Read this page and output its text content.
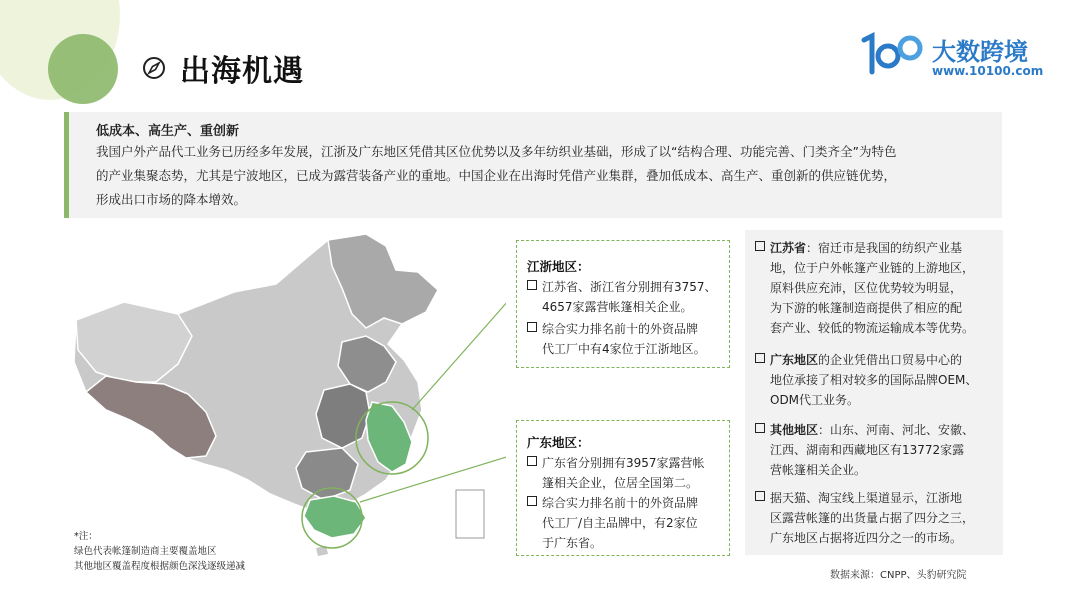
出海机遇
大数跨境
www.10100.com
低成本、高生产、重创新
我国户外产品代工业务已历经多年发展，江浙及广东地区凭借其区位优势以及多年纺织业基础，形成了以“结构合理、功能完善、门类齐全”为特色
的产业集聚态势，尤其是宁波地区，已成为露营装备产业的重地。中国企业在出海时凭借产业集群，叠加低成本、高生产、重创新的供应链优势，
形成出口市场的降本增效。
*注：
绿色代表帐篷制造商主要覆盖地区
其他地区覆盖程度根据颜色深浅逐级递减
江浙地区：
江苏省、浙江省分别拥有3757、
4657家露营帐篷相关企业。
综合实力排名前十的外资品牌
代工厂中有4家位于江浙地区。
广东地区：
广东省分别拥有3957家露营帐
篷相关企业，位居全国第二。
综合实力排名前十的外资品牌
代工厂/自主品牌中，有2家位
于广东省。
江苏省：宿迁市是我国的纺织产业基
地，位于户外帐篷产业链的上游地区，
原料供应充沛，区位优势较为明显，
为下游的帐篷制造商提供了相应的配
套产业、较低的物流运输成本等优势。
广东地区的企业凭借出口贸易中心的
地位承接了相对较多的国际品牌OEM、
ODM代工业务。
其他地区：山东、河南、河北、安徽、
江西、湖南和西藏地区有13772家露
营帐篷相关企业。
据天猫、淘宝线上渠道显示，江浙地
区露营帐篷的出货量占据了四分之三，
广东地区占据将近四分之一的市场。
数据来源：CNPP、头豹研究院
